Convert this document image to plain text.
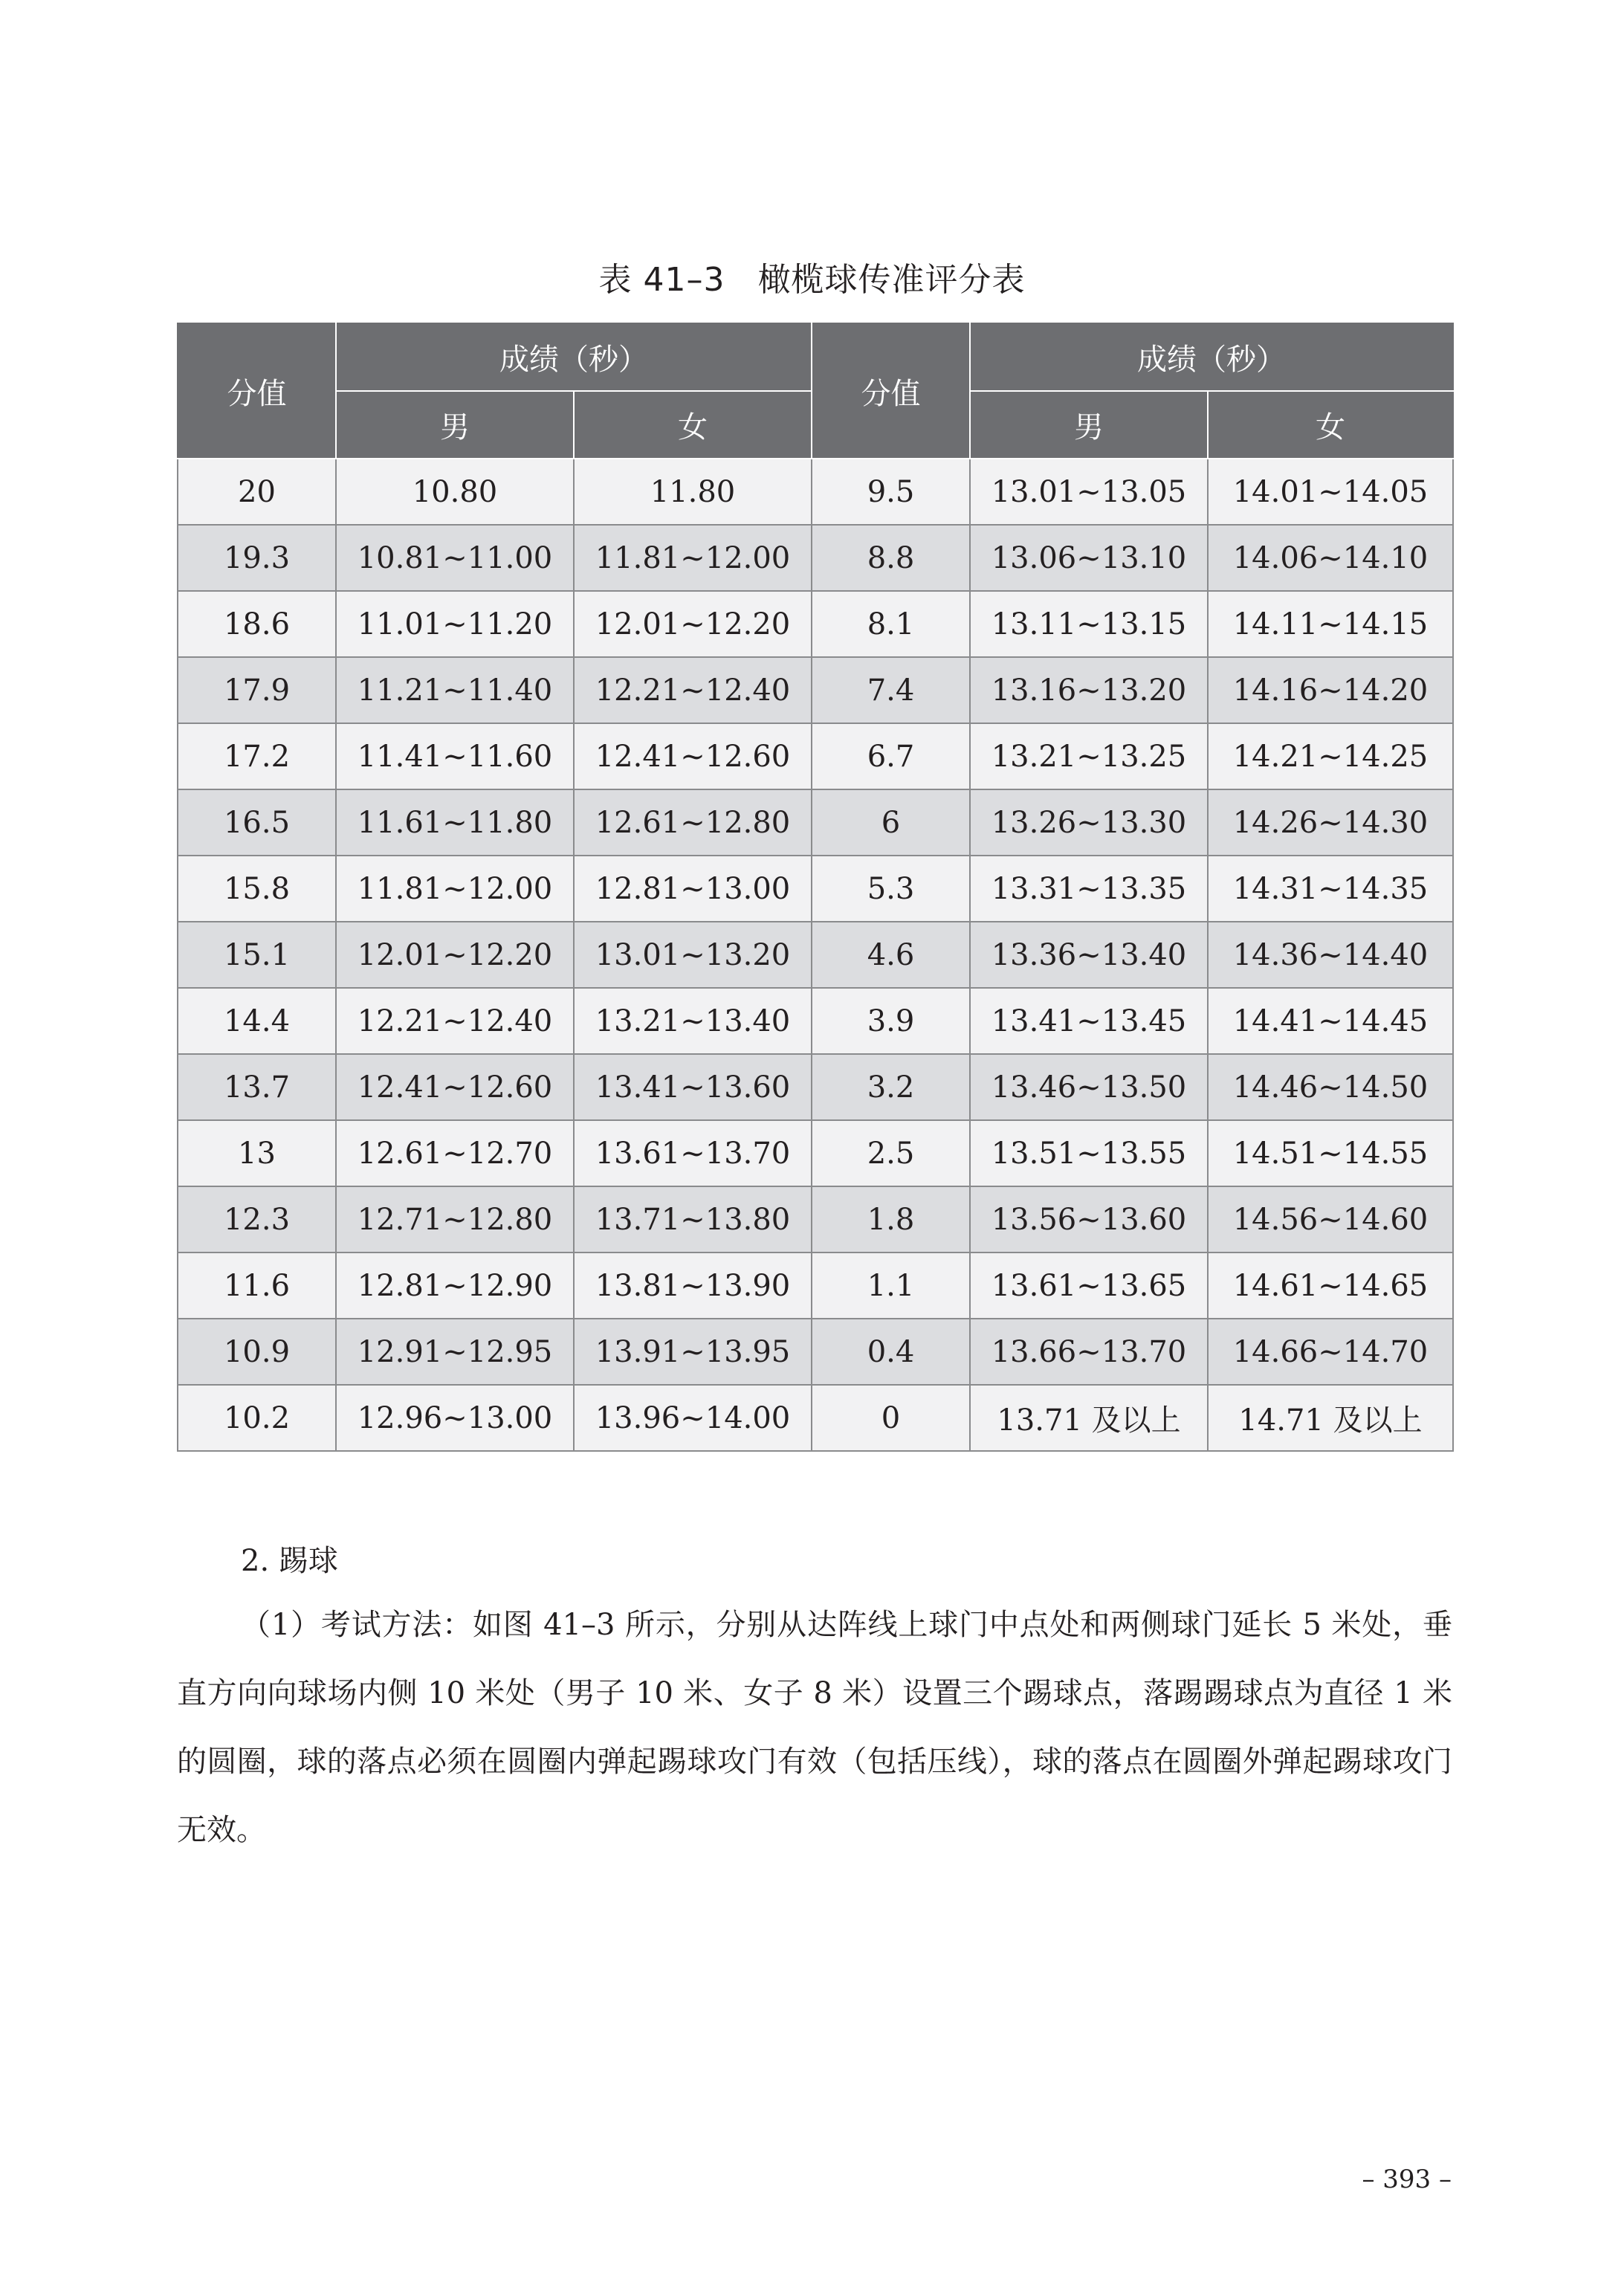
表 41–3 橄榄球传准评分表
分值	成绩（秒）		分值	成绩（秒）	
	男	女		男	女
20	10.80	11.80	9.5	13.01~13.05	14.01~14.05
19.3	10.81~11.00	11.81~12.00	8.8	13.06~13.10	14.06~14.10
18.6	11.01~11.20	12.01~12.20	8.1	13.11~13.15	14.11~14.15
17.9	11.21~11.40	12.21~12.40	7.4	13.16~13.20	14.16~14.20
17.2	11.41~11.60	12.41~12.60	6.7	13.21~13.25	14.21~14.25
16.5	11.61~11.80	12.61~12.80	6	13.26~13.30	14.26~14.30
15.8	11.81~12.00	12.81~13.00	5.3	13.31~13.35	14.31~14.35
15.1	12.01~12.20	13.01~13.20	4.6	13.36~13.40	14.36~14.40
14.4	12.21~12.40	13.21~13.40	3.9	13.41~13.45	14.41~14.45
13.7	12.41~12.60	13.41~13.60	3.2	13.46~13.50	14.46~14.50
13	12.61~12.70	13.61~13.70	2.5	13.51~13.55	14.51~14.55
12.3	12.71~12.80	13.71~13.80	1.8	13.56~13.60	14.56~14.60
11.6	12.81~12.90	13.81~13.90	1.1	13.61~13.65	14.61~14.65
10.9	12.91~12.95	13.91~13.95	0.4	13.66~13.70	14.66~14.70
10.2	12.96~13.00	13.96~14.00	0	13.71 及以上	14.71 及以上
2. 踢球
（1）考试方法：如图 41–3 所示，分别从达阵线上球门中点处和两侧球门延长 5 米处，垂直方向向球场内侧 10 米处（男子 10 米、女子 8 米）设置三个踢球点，落踢踢球点为直径 1 米的圆圈，球的落点必须在圆圈内弹起踢球攻门有效（包括压线），球的落点在圆圈外弹起踢球攻门无效。
– 393 –
